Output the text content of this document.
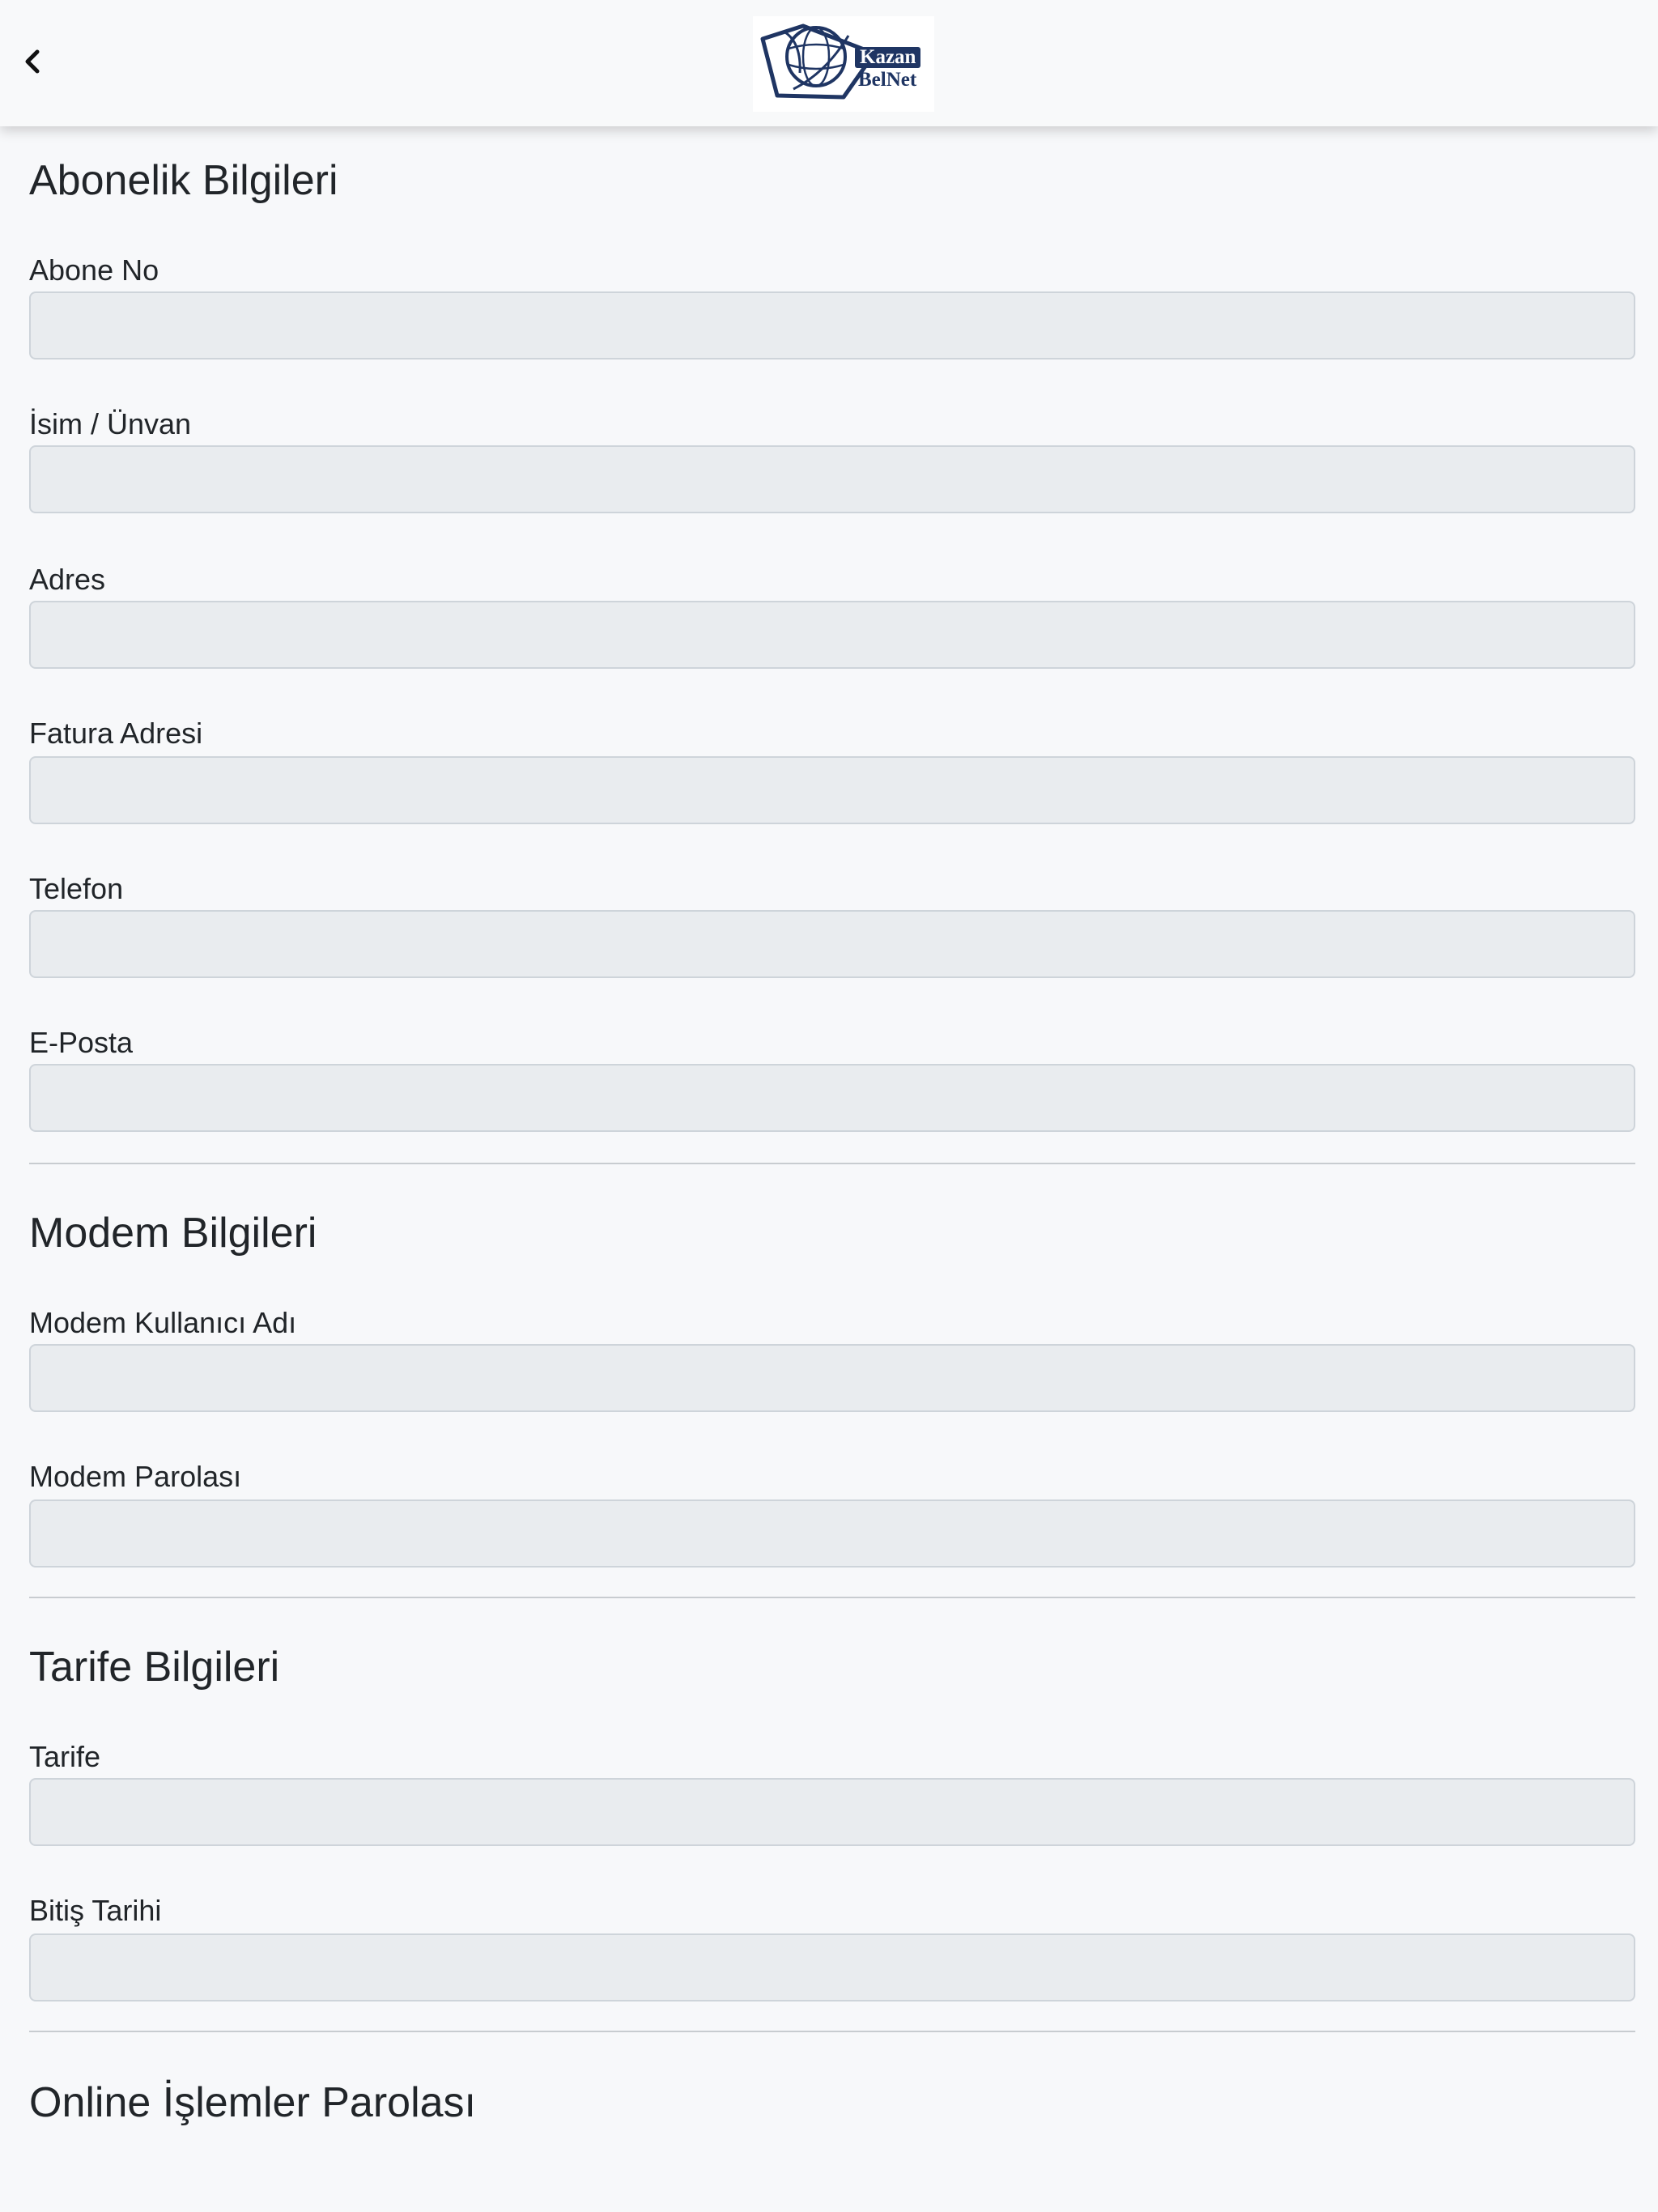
Kazan
BelNet
Abonelik Bilgileri
Abone No
İsim / Ünvan
Adres
Fatura Adresi
Telefon
E-Posta
Modem Bilgileri
Modem Kullanıcı Adı
Modem Parolası
Tarife Bilgileri
Tarife
Bitiş Tarihi
Online İşlemler Parolası
